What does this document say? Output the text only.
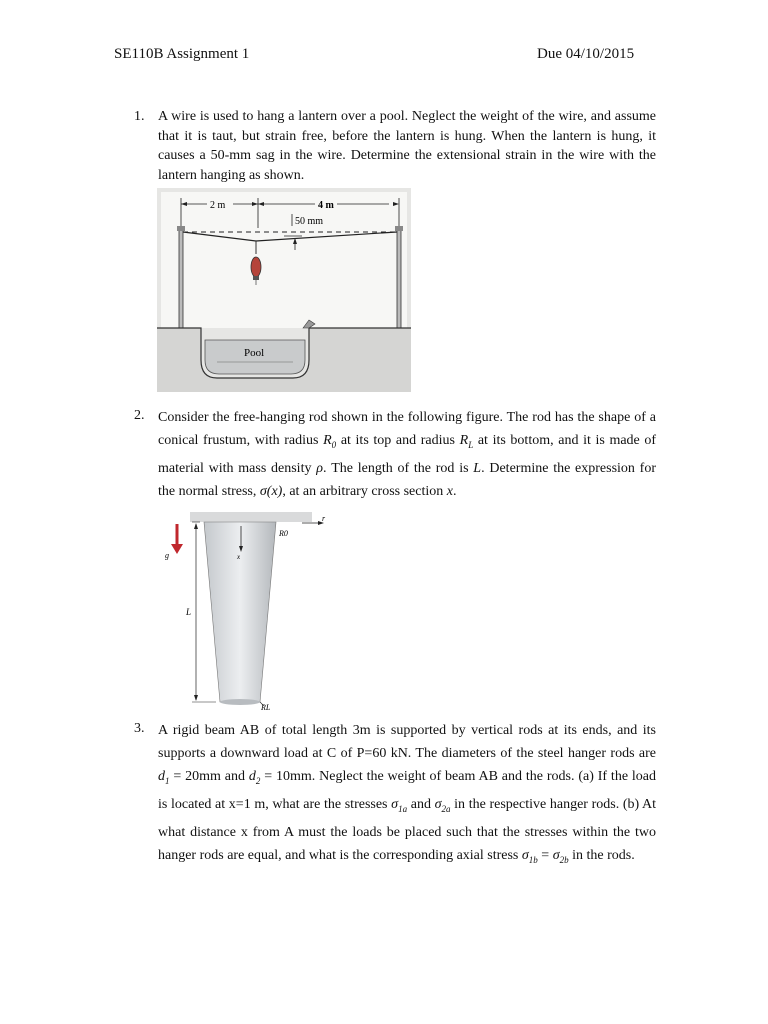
SE110B Assignment 1	Due 04/10/2015
1. A wire is used to hang a lantern over a pool. Neglect the weight of the wire, and assume that it is taut, but strain free, before the lantern is hung. When the lantern is hung, it causes a 50-mm sag in the wire. Determine the extensional strain in the wire with the lantern hanging as shown.
2 m	4 m
50 mm
Pool
2. Consider the free-hanging rod shown in the following figure. The rod has the shape of a conical frustum, with radius $R_0$ at its top and radius $R_L$ at its bottom, and it is made of material with mass density ρ. The length of the rod is L. Determine the expression for the normal stress, σ(x), at an arbitrary cross section x.
r
R0
g	x
L
RL
3. A rigid beam AB of total length 3m is supported by vertical rods at its ends, and its supports a downward load at C of P=60 kN. The diameters of the steel hanger rods are $d_1 = 20mm$ and $d_2 = 10mm$. Neglect the weight of beam AB and the rods. (a) If the load is located at x=1 m, what are the stresses $\sigma_{1a}$ and $\sigma_{2a}$ in the respective hanger rods. (b) At what distance x from A must the loads be placed such that the stresses within the two hanger rods are equal, and what is the corresponding axial stress $\sigma_{1b} = \sigma_{2b}$ in the rods.
